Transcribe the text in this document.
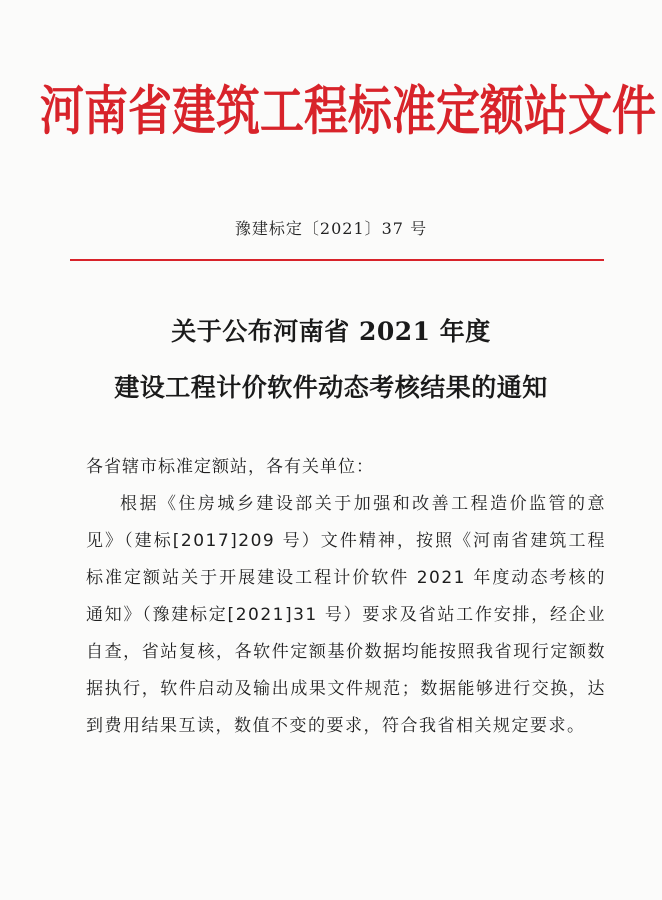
河南省建筑工程标准定额站文件
豫建标定〔2021〕37 号
关于公布河南省 2021 年度
建设工程计价软件动态考核结果的通知
各省辖市标准定额站，各有关单位：

根据《住房城乡建设部关于加强和改善工程造价监管的意见》（建标[2017]209 号）文件精神，按照《河南省建筑工程标准定额站关于开展建设工程计价软件 2021 年度动态考核的通知》（豫建标定[2021]31 号）要求及省站工作安排，经企业自查，省站复核，各软件定额基价数据均能按照我省现行定额数据执行，软件启动及输出成果文件规范；数据能够进行交换，达到费用结果互读，数值不变的要求，符合我省相关规定要求。
